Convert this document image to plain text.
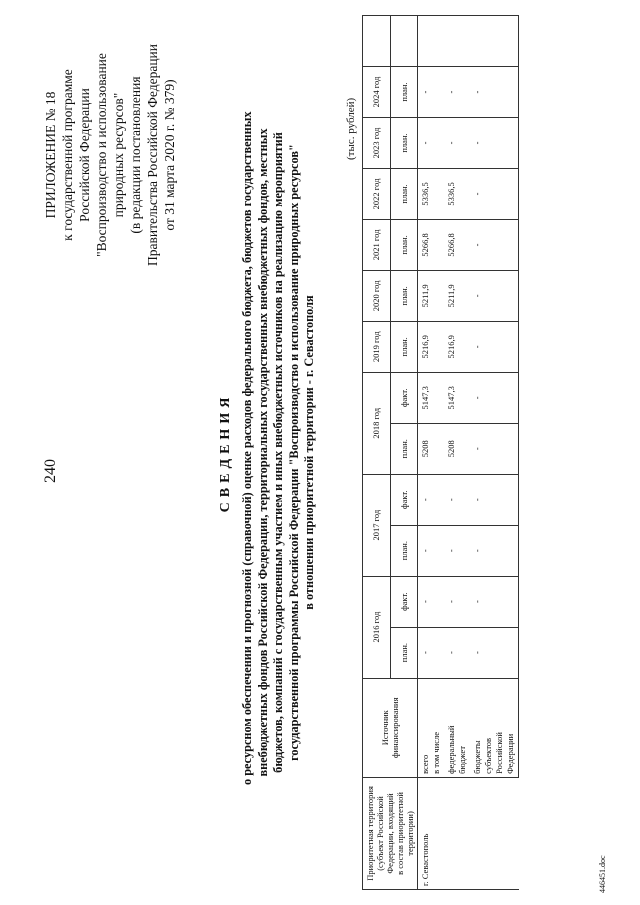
240
446451.doc
ПРИЛОЖЕНИЕ № 18 к государственной программе Российской Федерации "Воспроизводство и использование природных ресурсов" (в редакции постановления Правительства Российской Федерации от 31 марта 2020 г. № 379)
СВЕДЕНИЯ о ресурсном обеспечении и прогнозной (справочной) оценке расходов федерального бюджета, бюджетов государственных внебюджетных фондов Российской Федерации, территориальных государственных внебюджетных фондов, местных бюджетов, компаний с государственным участием и иных внебюджетных источников на реализацию мероприятий государственной программы Российской Федерации "Воспроизводство и использование природных ресурсов" в отношении приоритетной территории - г. Севастополя
(тыс. рублей)
Приоритетная территория (субъект Российской Федерации, входящий в состав приоритетной территории)	Источник финансирования	2016 год		2017 год		2018 год		2019 год	2020 год	2021 год	2022 год	2023 год	2024 год	
		план.	факт.	план.	факт.	план.	факт.	план.	план.	план.	план.	план.	план.	
г. Севастополь	всего в том числе	-	-	-	-	5208	5147,3	5216,9	5211,9	5266,8	5336,5	-	-	

	федеральный бюджет	-	-	-	-	5208	5147,3	5216,9	5211,9	5266,8	5336,5	-	-	

	бюджеты субъектов Российской Федерации	-	-	-	-	-	-	-	-	-	-	-	-	
